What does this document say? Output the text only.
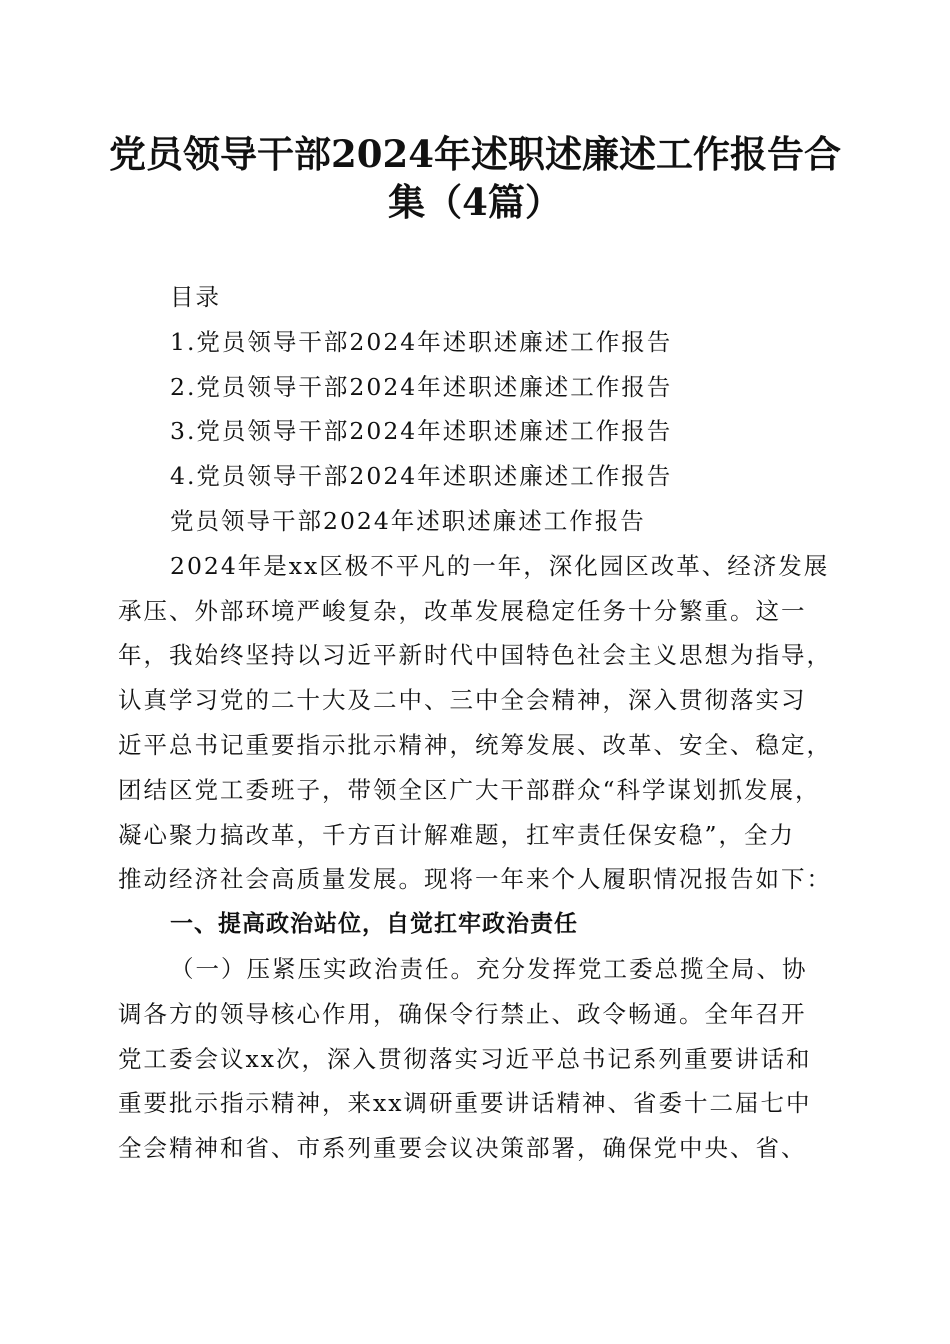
党员领导干部2024年述职述廉述工作报告合
集（4篇）
目录
1.党员领导干部2024年述职述廉述工作报告
2.党员领导干部2024年述职述廉述工作报告
3.党员领导干部2024年述职述廉述工作报告
4.党员领导干部2024年述职述廉述工作报告
党员领导干部2024年述职述廉述工作报告
2024年是xx区极不平凡的一年，深化园区改革、经济发展
承压、外部环境严峻复杂，改革发展稳定任务十分繁重。这一
年，我始终坚持以习近平新时代中国特色社会主义思想为指导，
认真学习党的二十大及二中、三中全会精神，深入贯彻落实习
近平总书记重要指示批示精神，统筹发展、改革、安全、稳定，
团结区党工委班子，带领全区广大干部群众“科学谋划抓发展，
凝心聚力搞改革，千方百计解难题，扛牢责任保安稳”，全力
推动经济社会高质量发展。现将一年来个人履职情况报告如下：
一、提高政治站位，自觉扛牢政治责任
（一）压紧压实政治责任。充分发挥党工委总揽全局、协
调各方的领导核心作用，确保令行禁止、政令畅通。全年召开
党工委会议xx次，深入贯彻落实习近平总书记系列重要讲话和
重要批示指示精神，来xx调研重要讲话精神、省委十二届七中
全会精神和省、市系列重要会议决策部署，确保党中央、省、
